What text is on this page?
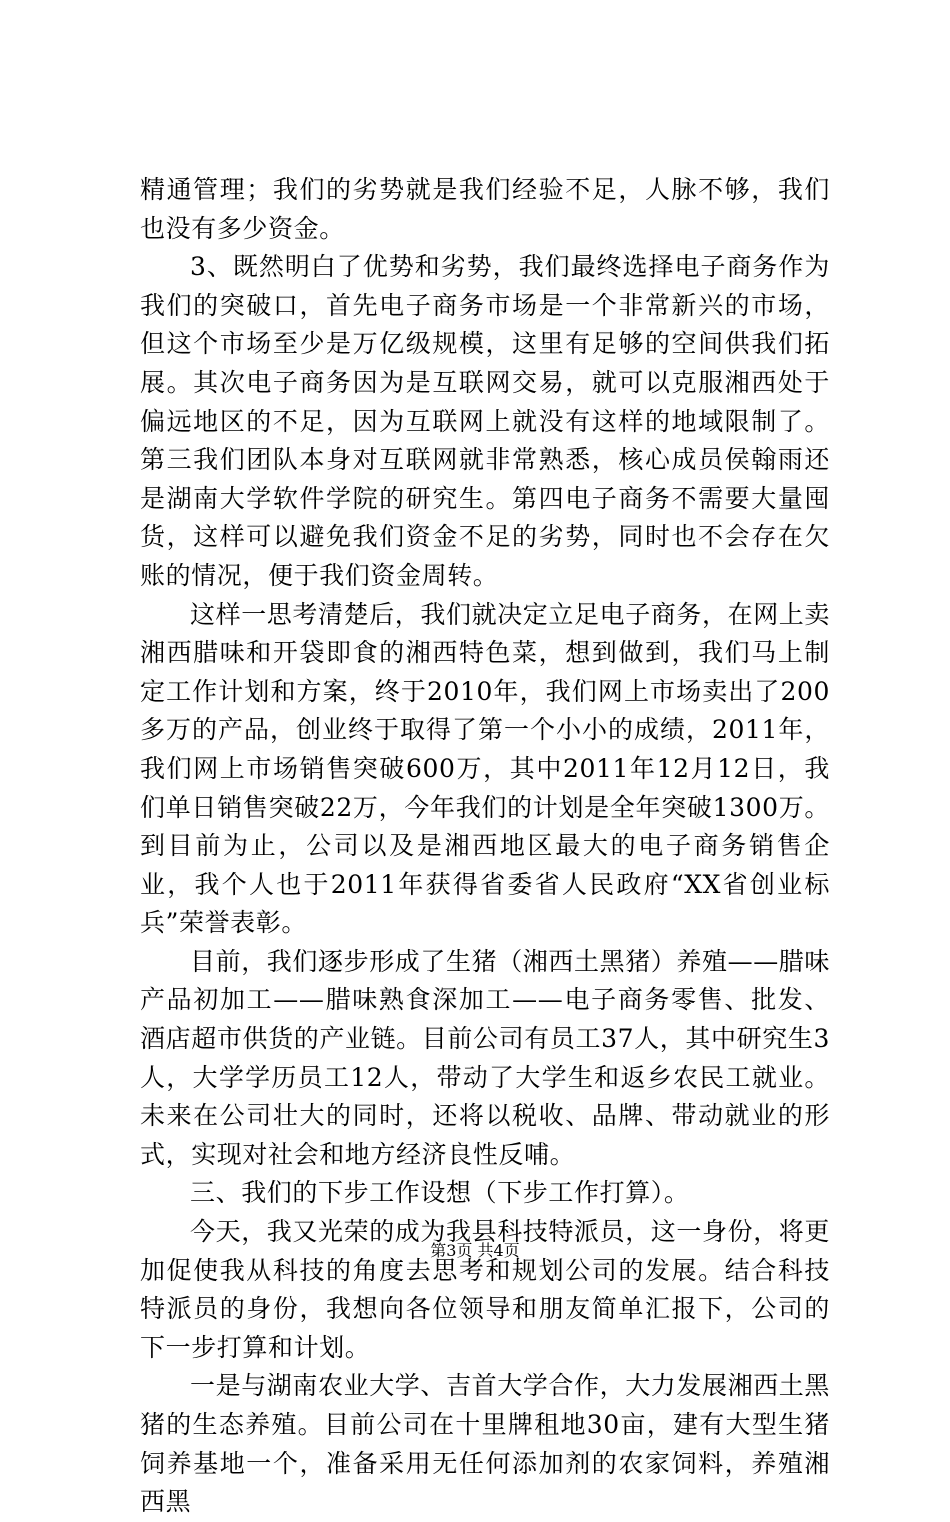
精通管理；我们的劣势就是我们经验不足，人脉不够，我们也没有多少资金。

3、既然明白了优势和劣势，我们最终选择电子商务作为我们的突破口，首先电子商务市场是一个非常新兴的市场，但这个市场至少是万亿级规模，这里有足够的空间供我们拓展。其次电子商务因为是互联网交易，就可以克服湘西处于偏远地区的不足，因为互联网上就没有这样的地域限制了。第三我们团队本身对互联网就非常熟悉，核心成员侯翰雨还是湖南大学软件学院的研究生。第四电子商务不需要大量囤货，这样可以避免我们资金不足的劣势，同时也不会存在欠账的情况，便于我们资金周转。

这样一思考清楚后，我们就决定立足电子商务，在网上卖湘西腊味和开袋即食的湘西特色菜，想到做到，我们马上制定工作计划和方案，终于2010年，我们网上市场卖出了200多万的产品，创业终于取得了第一个小小的成绩，2011年，我们网上市场销售突破600万，其中2011年12月12日，我们单日销售突破22万，今年我们的计划是全年突破1300万。到目前为止，公司以及是湘西地区最大的电子商务销售企业，我个人也于2011年获得省委省人民政府“XX省创业标兵”荣誉表彰。

目前，我们逐步形成了生猪（湘西土黑猪）养殖——腊味产品初加工——腊味熟食深加工——电子商务零售、批发、酒店超市供货的产业链。目前公司有员工37人，其中研究生3人，大学学历员工12人，带动了大学生和返乡农民工就业。未来在公司壮大的同时，还将以税收、品牌、带动就业的形式，实现对社会和地方经济良性反哺。

三、我们的下步工作设想（下步工作打算）。

今天，我又光荣的成为我县科技特派员，这一身份，将更加促使我从科技的角度去思考和规划公司的发展。结合科技特派员的身份，我想向各位领导和朋友简单汇报下，公司的下一步打算和计划。

一是与湖南农业大学、吉首大学合作，大力发展湘西土黑猪的生态养殖。目前公司在十里牌租地30亩，建有大型生猪饲养基地一个，准备采用无任何添加剂的农家饲料，养殖湘西黑

第3页 共4页
